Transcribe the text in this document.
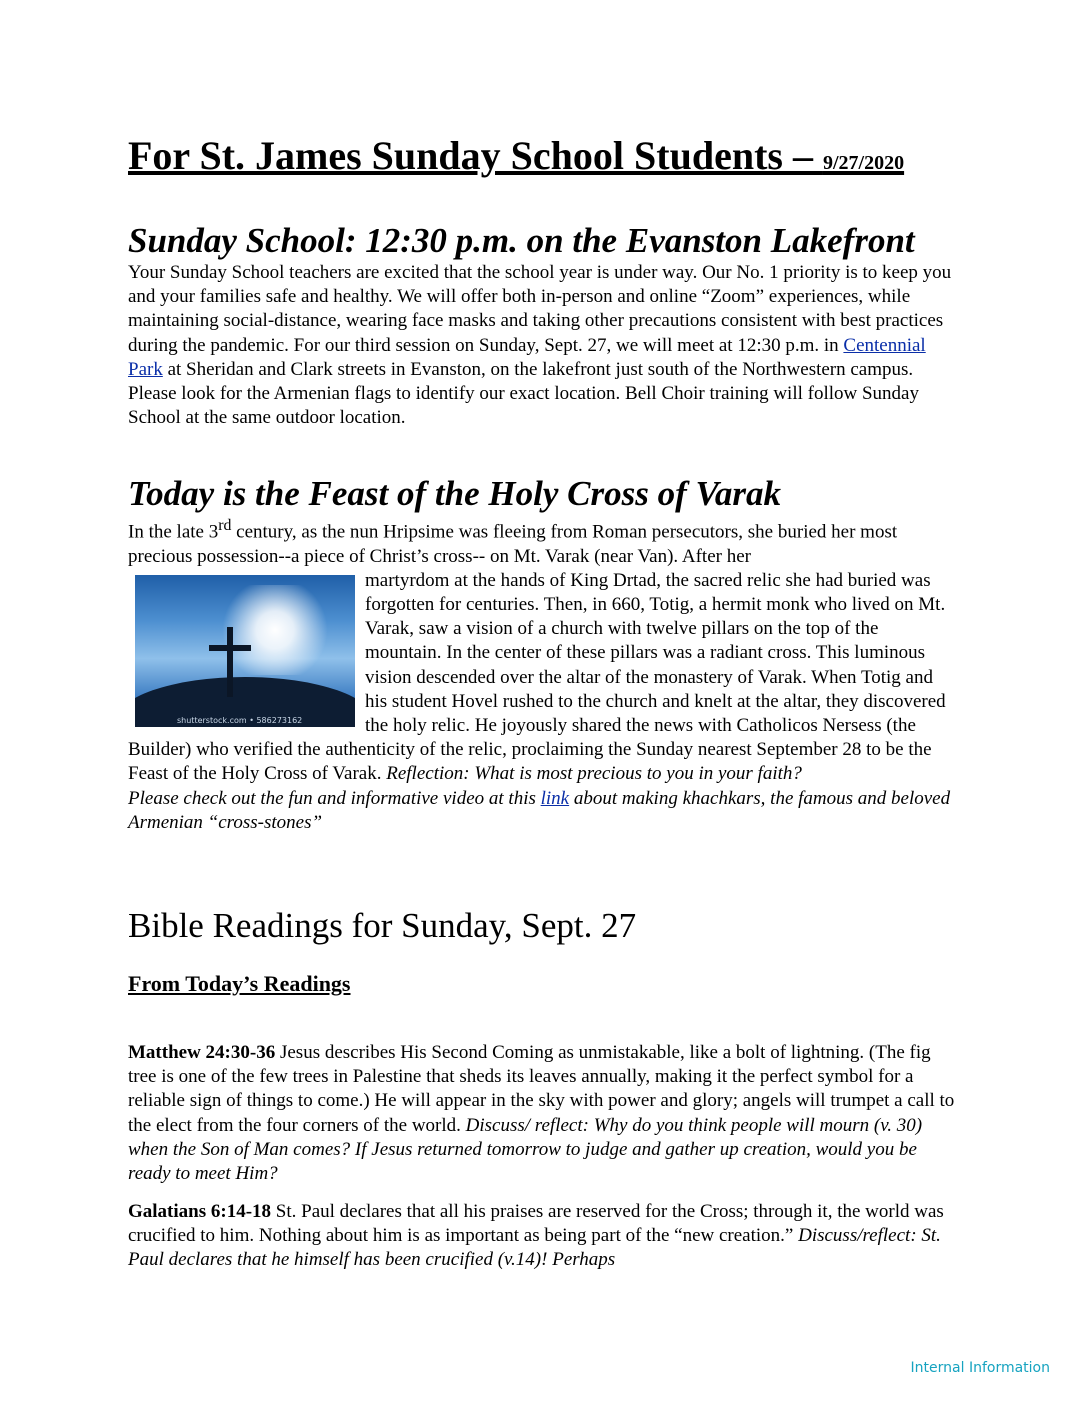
For St. James Sunday School Students – 9/27/2020
Sunday School: 12:30 p.m. on the Evanston Lakefront

Your Sunday School teachers are excited that the school year is under way. Our No. 1 priority is to keep you and your families safe and healthy. We will offer both in-person and online “Zoom” experiences, while maintaining social-distance, wearing face masks and taking other precautions consistent with best practices during the pandemic. For our third session on Sunday, Sept. 27, we will meet at 12:30 p.m. in Centennial Park at Sheridan and Clark streets in Evanston, on the lakefront just south of the Northwestern campus. Please look for the Armenian flags to identify our exact location. Bell Choir training will follow Sunday School at the same outdoor location.

Today is the Feast of the Holy Cross of Varak

In the late 3rd century, as the nun Hripsime was fleeing from Roman persecutors, she buried her most precious possession--a piece of Christ’s cross-- on Mt. Varak (near Van). After her

shutterstock.com • 586273162

martyrdom at the hands of King Drtad, the sacred relic she had buried was forgotten for centuries. Then, in 660, Totig, a hermit monk who lived on Mt. Varak, saw a vision of a church with twelve pillars on the top of the mountain. In the center of these pillars was a radiant cross. This luminous vision descended over the altar of the monastery of Varak. When Totig and his student Hovel rushed to the church and knelt at the altar, they discovered the holy relic. He joyously shared the news with Catholicos Nersess (the Builder) who verified the authenticity of the relic, proclaiming the Sunday nearest September 28 to be the Feast of the Holy Cross of Varak. Reflection: What is most precious to you in your faith?

Please check out the fun and informative video at this link about making khachkars, the famous and beloved Armenian “cross-stones”

Bible Readings for Sunday, Sept. 27
From Today’s Readings

Matthew 24:30-36 Jesus describes His Second Coming as unmistakable, like a bolt of lightning. (The fig tree is one of the few trees in Palestine that sheds its leaves annually, making it the perfect symbol for a reliable sign of things to come.) He will appear in the sky with power and glory; angels will trumpet a call to the elect from the four corners of the world. Discuss/ reflect: Why do you think people will mourn (v. 30) when the Son of Man comes? If Jesus returned tomorrow to judge and gather up creation, would you be ready to meet Him?

Galatians 6:14-18 St. Paul declares that all his praises are reserved for the Cross; through it, the world was crucified to him. Nothing about him is as important as being part of the “new creation.” Discuss/reflect: St. Paul declares that he himself has been crucified (v.14)! Perhaps

Internal Information
